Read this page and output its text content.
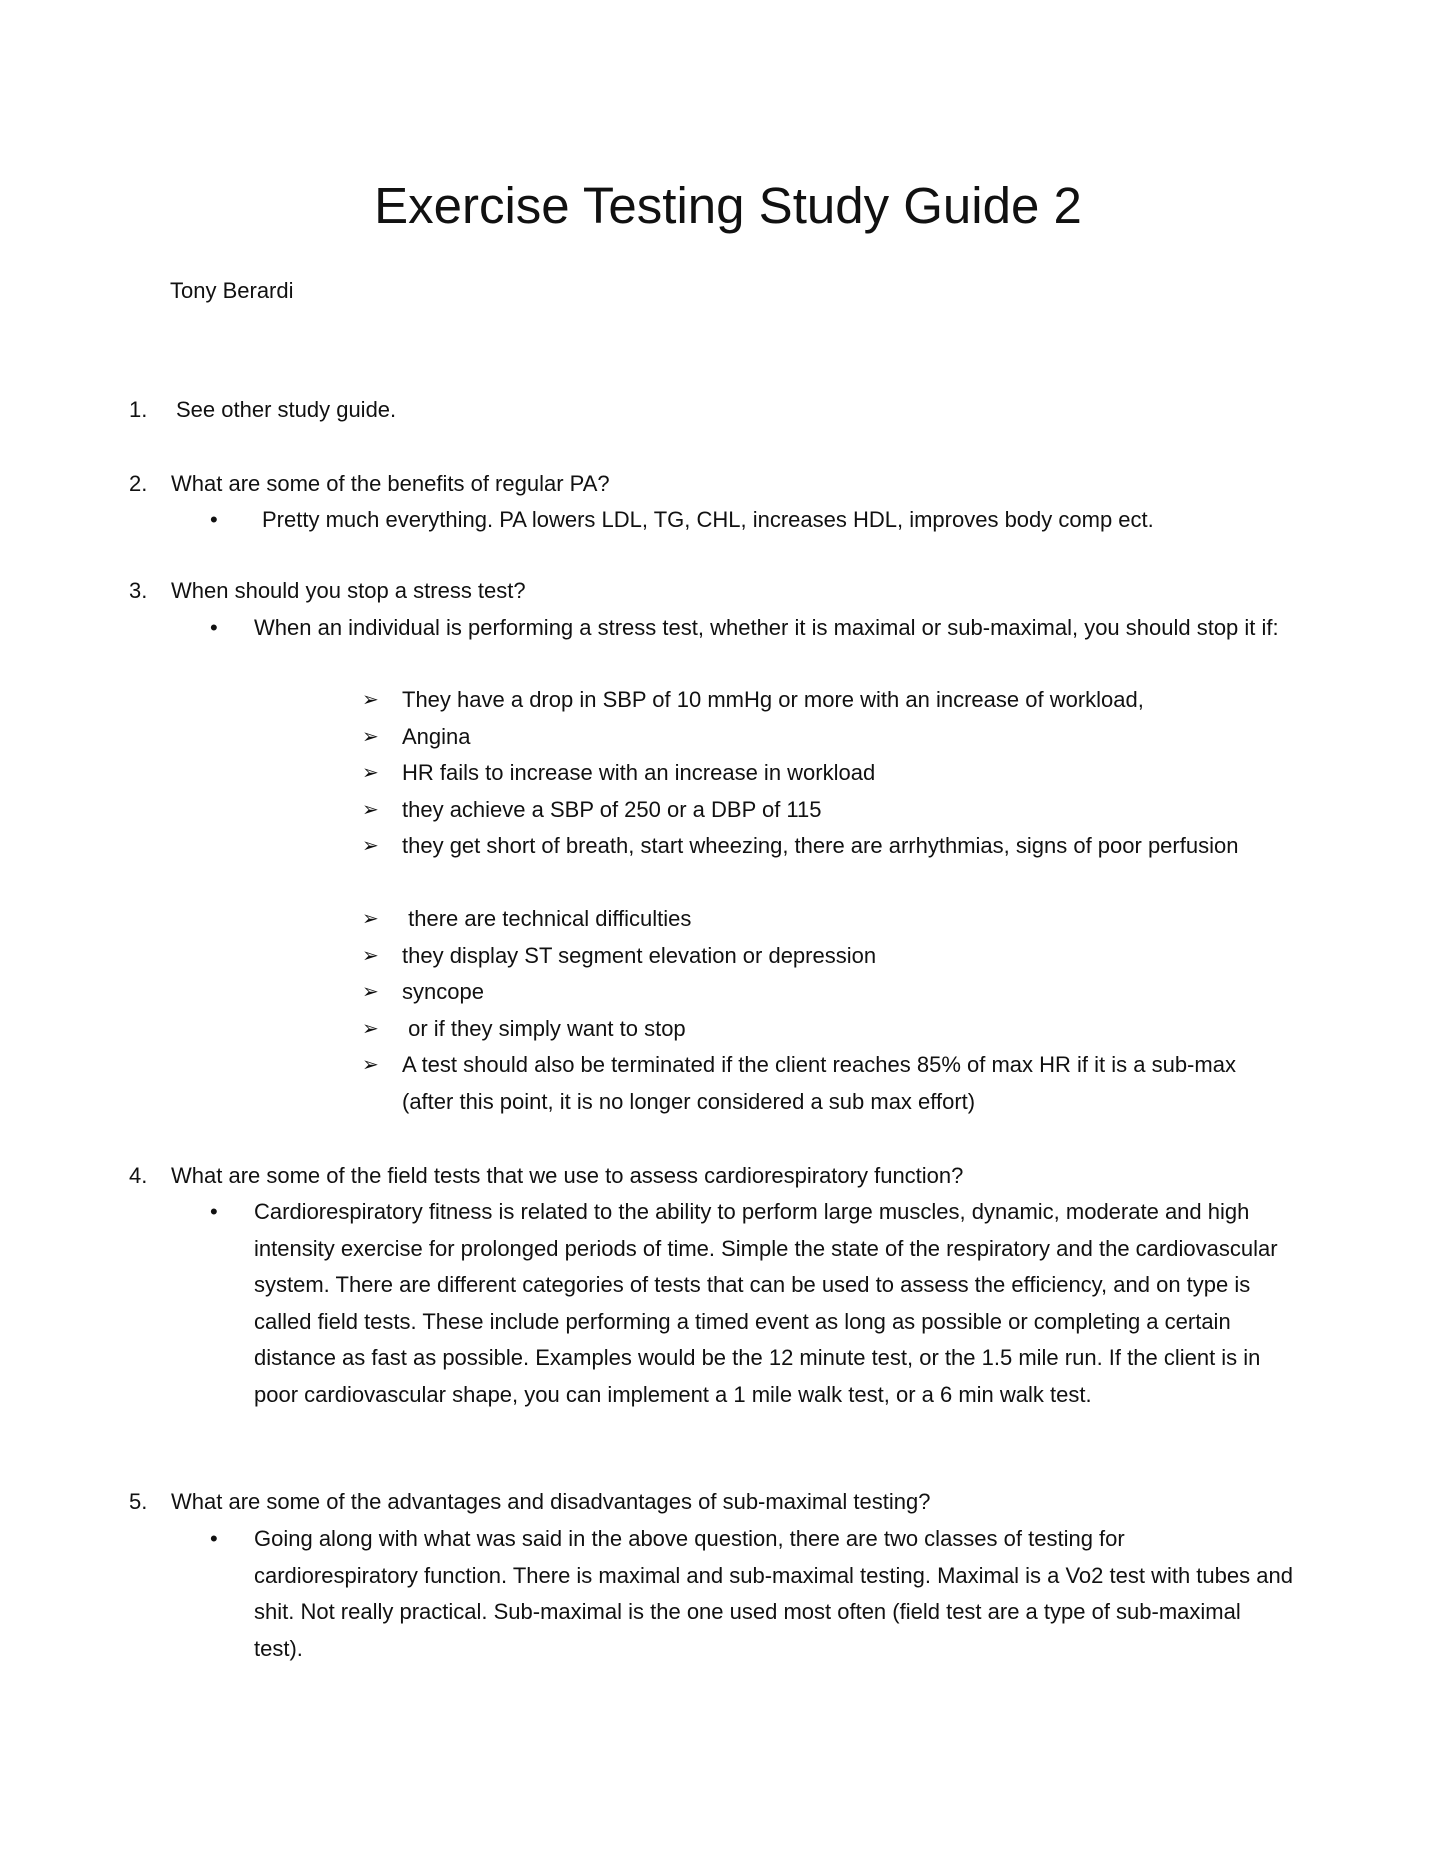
Exercise Testing Study Guide 2
Tony Berardi
1. See other study guide.
2. What are some of the benefits of regular PA?
• Pretty much everything. PA lowers LDL, TG, CHL, increases HDL, improves body comp ect.
3. When should you stop a stress test?
• When an individual is performing a stress test, whether it is maximal or sub-maximal, you should stop it if:
➢ They have a drop in SBP of 10 mmHg or more with an increase of workload,
➢ Angina
➢ HR fails to increase with an increase in workload
➢ they achieve a SBP of 250 or a DBP of 115
➢ they get short of breath, start wheezing, there are arrhythmias, signs of poor perfusion
➢ there are technical difficulties
➢ they display ST segment elevation or depression
➢ syncope
➢ or if they simply want to stop
➢ A test should also be terminated if the client reaches 85% of max HR if it is a sub-max (after this point, it is no longer considered a sub max effort)
4. What are some of the field tests that we use to assess cardiorespiratory function?
• Cardiorespiratory fitness is related to the ability to perform large muscles, dynamic, moderate and high intensity exercise for prolonged periods of time. Simple the state of the respiratory and the cardiovascular system. There are different categories of tests that can be used to assess the efficiency, and on type is called field tests. These include performing a timed event as long as possible or completing a certain distance as fast as possible. Examples would be the 12 minute test, or the 1.5 mile run. If the client is in poor cardiovascular shape, you can implement a 1 mile walk test, or a 6 min walk test.
5. What are some of the advantages and disadvantages of sub-maximal testing?
• Going along with what was said in the above question, there are two classes of testing for cardiorespiratory function. There is maximal and sub-maximal testing. Maximal is a Vo2 test with tubes and shit. Not really practical. Sub-maximal is the one used most often (field test are a type of sub-maximal test).
